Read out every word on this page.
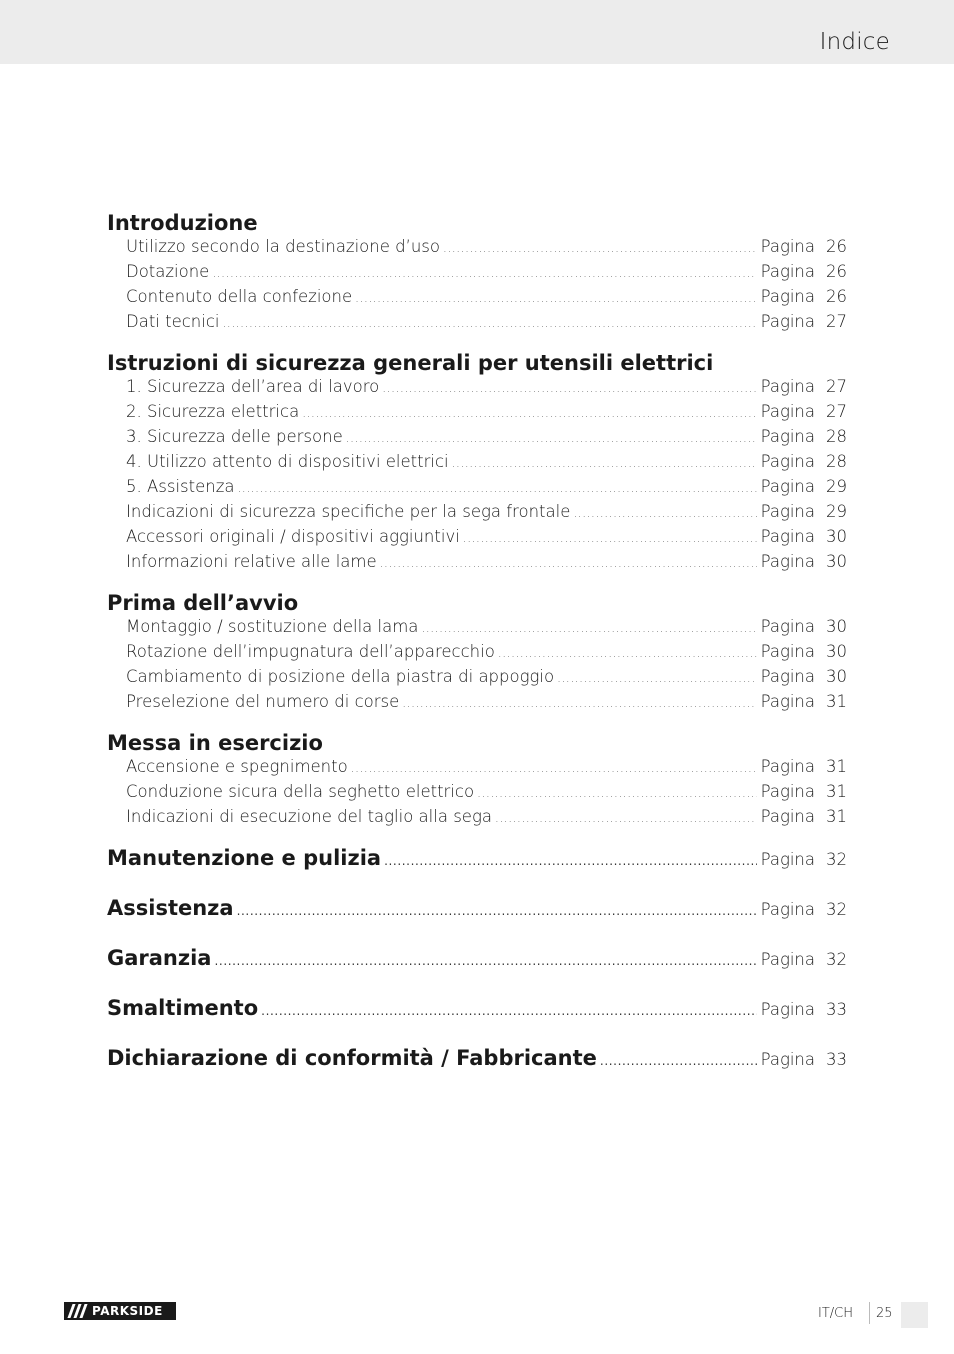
Indice
Introduzione
Utilizzo secondo la destinazione d’uso .....	Pagina 26
Dotazione .....	Pagina 26
Contenuto della confezione .....	Pagina 26
Dati tecnici .....	Pagina 27
Istruzioni di sicurezza generali per utensili elettrici
1. Sicurezza dell’area di lavoro .....	Pagina 27
2. Sicurezza elettrica .....	Pagina 27
3. Sicurezza delle persone .....	Pagina 28
4. Utilizzo attento di dispositivi elettrici .....	Pagina 28
5. Assistenza .....	Pagina 29
Indicazioni di sicurezza specifiche per la sega frontale .....	Pagina 29
Accessori originali / dispositivi aggiuntivi .....	Pagina 30
Informazioni relative alle lame .....	Pagina 30
Prima dell’avvio
Montaggio / sostituzione della lama .....	Pagina 30
Rotazione dell’impugnatura dell’apparecchio .....	Pagina 30
Cambiamento di posizione della piastra di appoggio .....	Pagina 30
Preselezione del numero di corse .....	Pagina 31
Messa in esercizio
Accensione e spegnimento .....	Pagina 31
Conduzione sicura della seghetto elettrico .....	Pagina 31
Indicazioni di esecuzione del taglio alla sega .....	Pagina 31
Manutenzione e pulizia .....	Pagina 32
Assistenza .....	Pagina 32
Garanzia .....	Pagina 32
Smaltimento .....	Pagina 33
Dichiarazione di conformità / Fabbricante .....	Pagina 33
PARKSIDE	IT/CH 25
